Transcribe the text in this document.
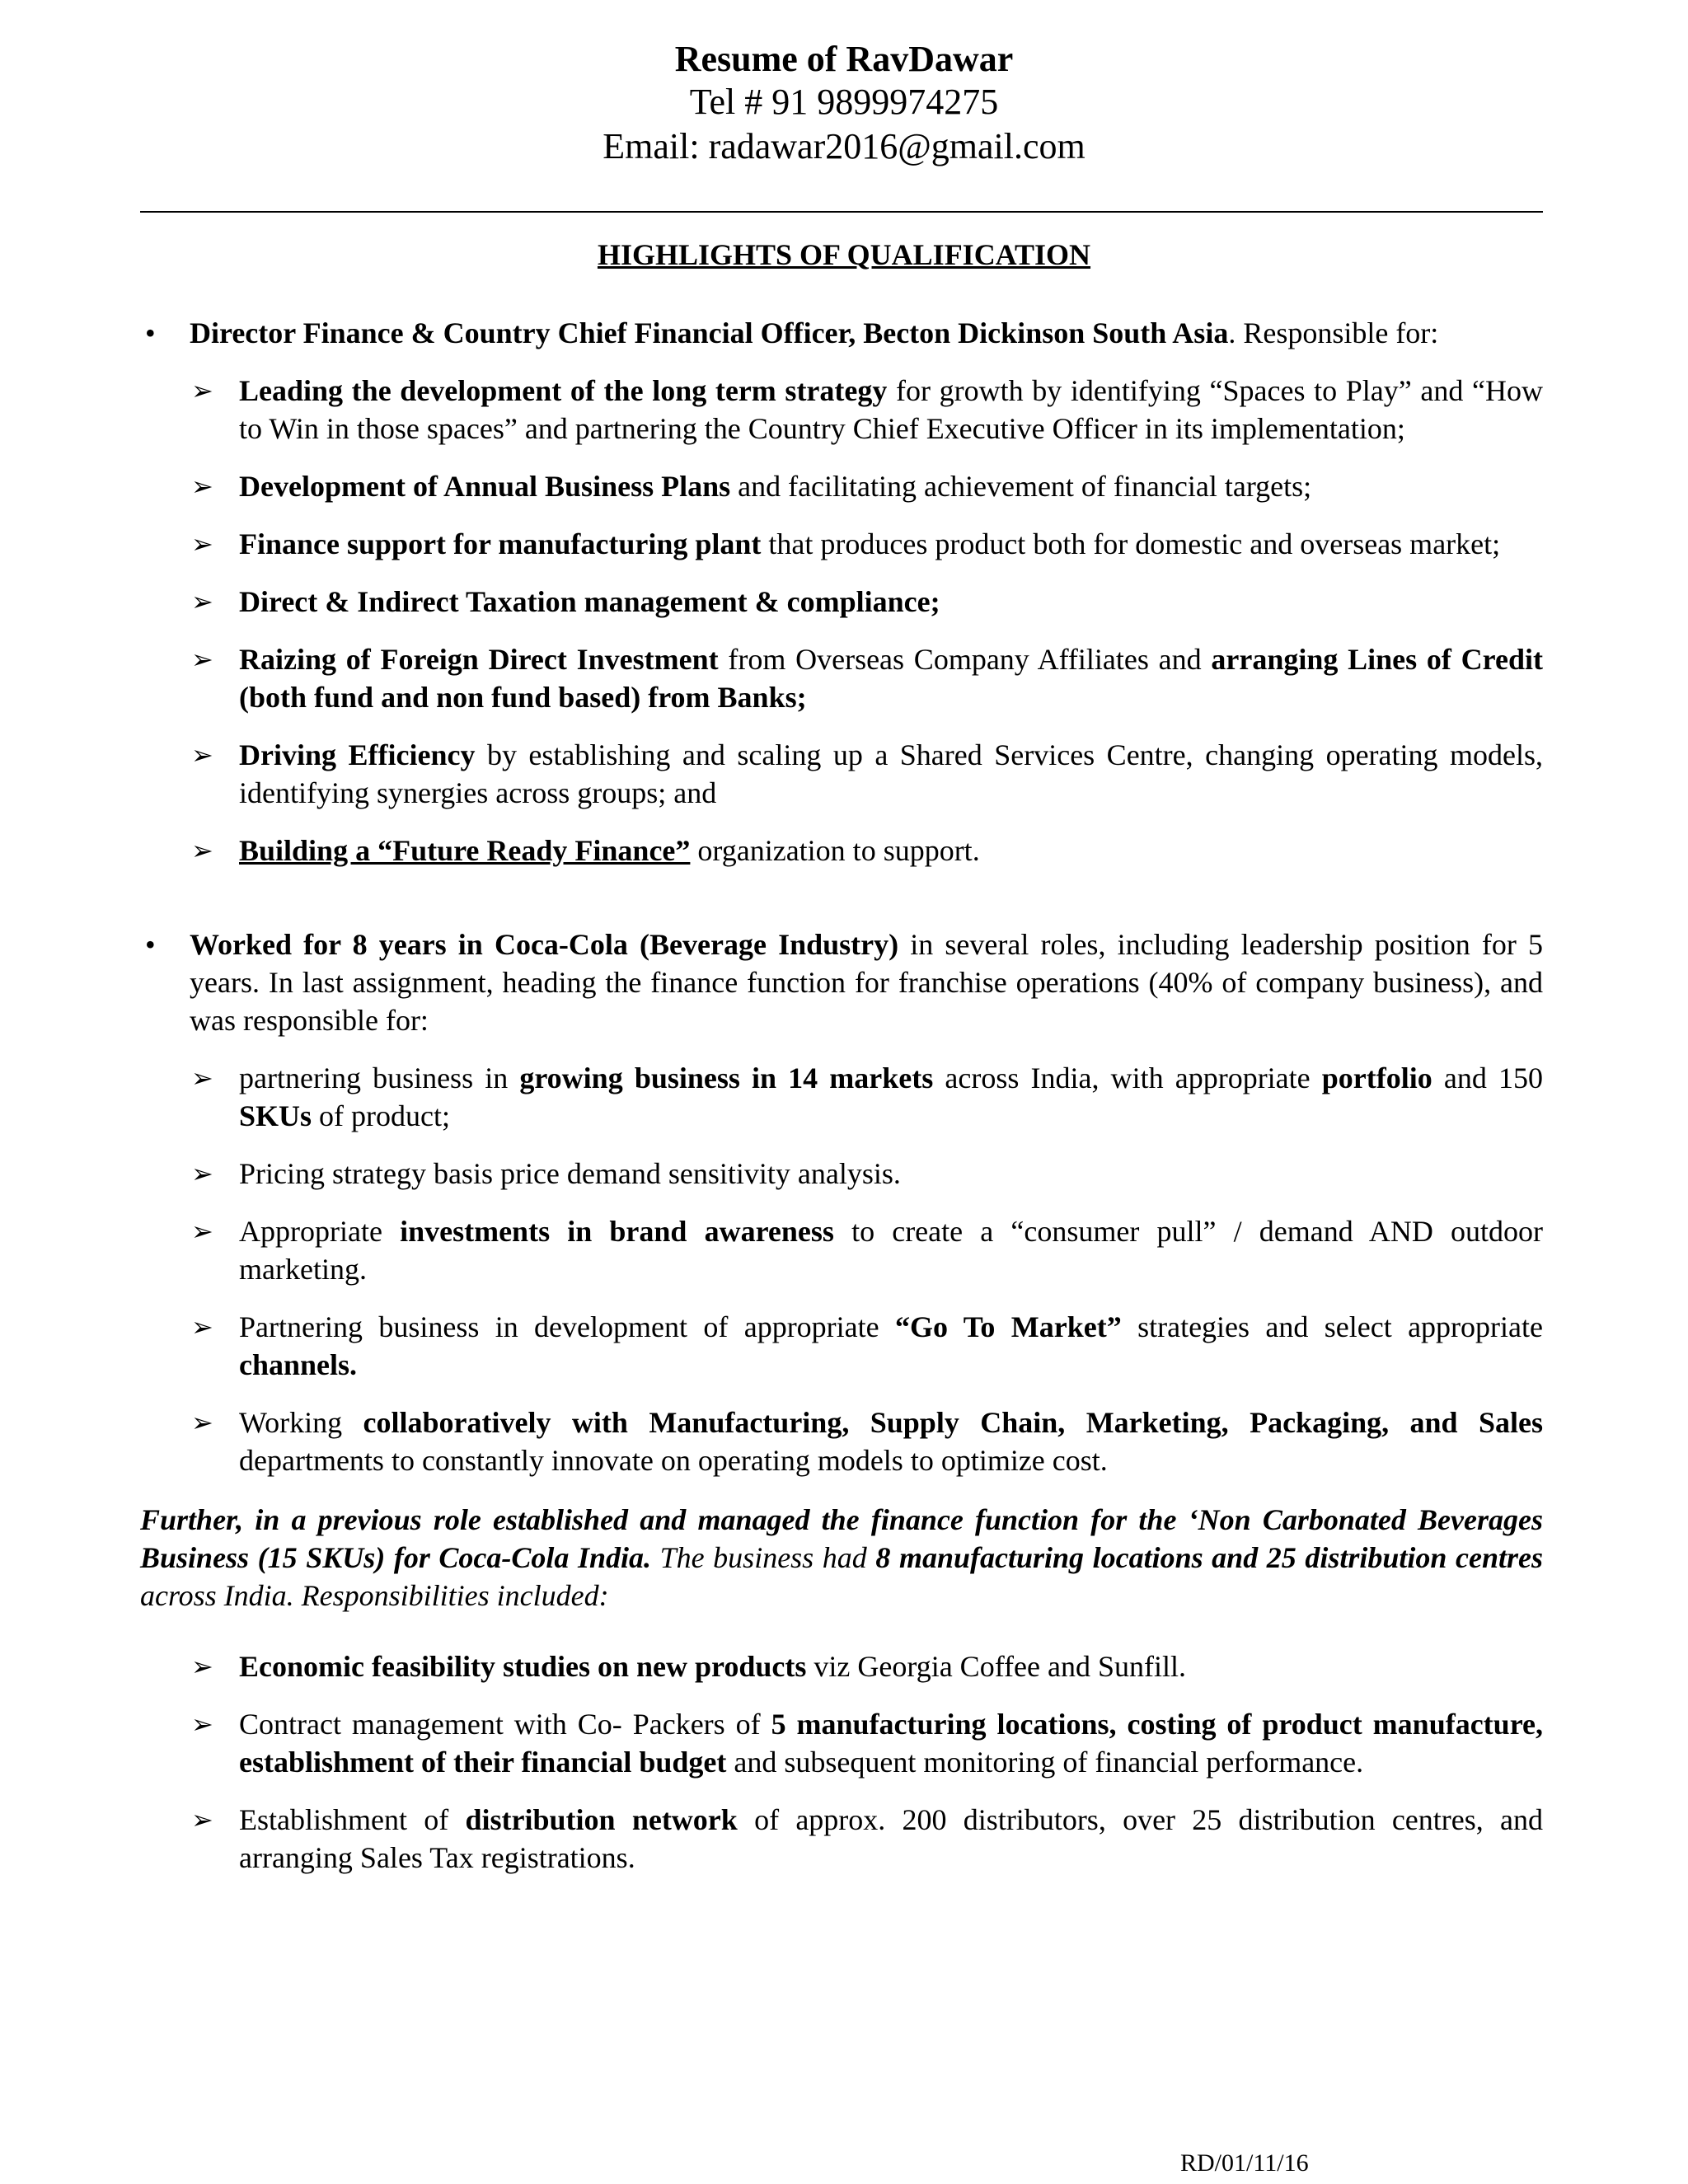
Resume of RavDawar
Tel # 91 9899974275
Email: radawar2016@gmail.com
HIGHLIGHTS OF QUALIFICATION
• Director Finance & Country Chief Financial Officer, Becton Dickinson South Asia. Responsible for:
➢ Leading the development of the long term strategy for growth by identifying “Spaces to Play” and “How to Win in those spaces” and partnering the Country Chief Executive Officer in its implementation;
➢ Development of Annual Business Plans and facilitating achievement of financial targets;
➢ Finance support for manufacturing plant that produces product both for domestic and overseas market;
➢ Direct & Indirect Taxation management & compliance;
➢ Raizing of Foreign Direct Investment from Overseas Company Affiliates and arranging Lines of Credit (both fund and non fund based) from Banks;
➢ Driving Efficiency by establishing and scaling up a Shared Services Centre, changing operating models, identifying synergies across groups; and
➢ Building a “Future Ready Finance” organization to support.
• Worked for 8 years in Coca-Cola (Beverage Industry) in several roles, including leadership position for 5 years. In last assignment, heading the finance function for franchise operations (40% of company business), and was responsible for:
➢ partnering business in growing business in 14 markets across India, with appropriate portfolio and 150 SKUs of product;
➢ Pricing strategy basis price demand sensitivity analysis.
➢ Appropriate investments in brand awareness to create a “consumer pull” / demand AND outdoor marketing.
➢ Partnering business in development of appropriate “Go To Market” strategies and select appropriate channels.
➢ Working collaboratively with Manufacturing, Supply Chain, Marketing, Packaging, and Sales departments to constantly innovate on operating models to optimize cost.
Further, in a previous role established and managed the finance function for the ‘Non Carbonated Beverages Business (15 SKUs) for Coca-Cola India. The business had 8 manufacturing locations and 25 distribution centres across India. Responsibilities included:
➢ Economic feasibility studies on new products viz Georgia Coffee and Sunfill.
➢ Contract management with Co- Packers of 5 manufacturing locations, costing of product manufacture, establishment of their financial budget and subsequent monitoring of financial performance.
➢ Establishment of distribution network of approx. 200 distributors, over 25 distribution centres, and arranging Sales Tax registrations.
RD/01/11/16
